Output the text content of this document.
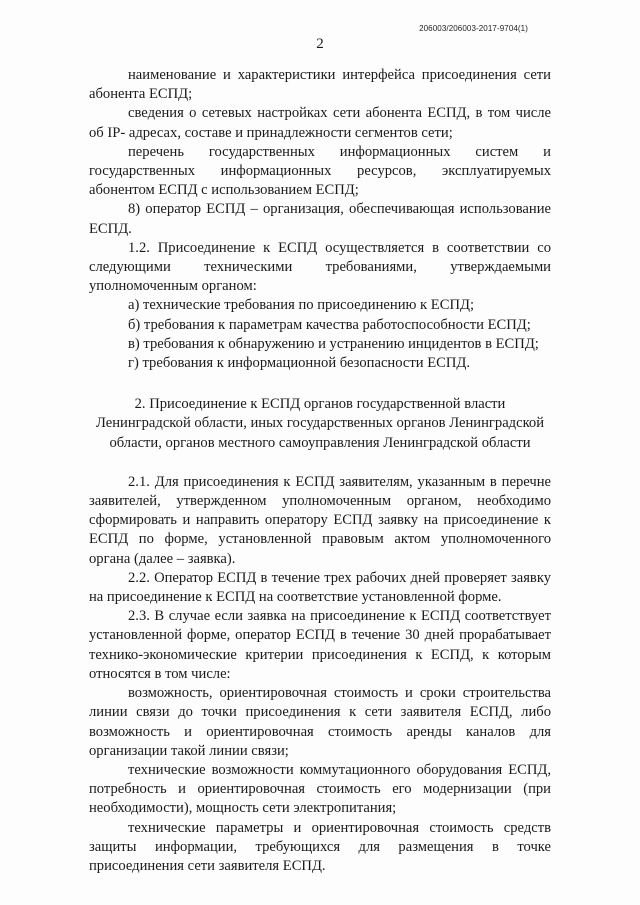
206003/206003-2017-9704(1)
2

наименование и характеристики интерфейса присоединения сети абонента ЕСПД;

сведения о сетевых настройках сети абонента ЕСПД, в том числе об IP- адресах, составе и принадлежности сегментов сети;

перечень государственных информационных систем и государственных информационных ресурсов, эксплуатируемых абонентом ЕСПД с использованием ЕСПД;

8) оператор ЕСПД – организация, обеспечивающая использование ЕСПД.

1.2. Присоединение к ЕСПД осуществляется в соответствии со следующими техническими требованиями, утверждаемыми уполномоченным органом:

а) технические требования по присоединению к ЕСПД;

б) требования к параметрам качества работоспособности ЕСПД;

в) требования к обнаружению и устранению инцидентов в ЕСПД;

г) требования к информационной безопасности ЕСПД.

2. Присоединение к ЕСПД органов государственной власти Ленинградской области, иных государственных органов Ленинградской области, органов местного самоуправления Ленинградской области

2.1. Для присоединения к ЕСПД заявителям, указанным в перечне заявителей, утвержденном уполномоченным органом, необходимо сформировать и направить оператору ЕСПД заявку на присоединение к ЕСПД по форме, установленной правовым актом уполномоченного органа (далее – заявка).

2.2. Оператор ЕСПД в течение трех рабочих дней проверяет заявку на присоединение к ЕСПД на соответствие установленной форме.

2.3. В случае если заявка на присоединение к ЕСПД соответствует установленной форме, оператор ЕСПД в течение 30 дней прорабатывает технико-экономические критерии присоединения к ЕСПД, к которым относятся в том числе:

возможность, ориентировочная стоимость и сроки строительства линии связи до точки присоединения к сети заявителя ЕСПД, либо возможность и ориентировочная стоимость аренды каналов для организации такой линии связи;

технические возможности коммутационного оборудования ЕСПД, потребность и ориентировочная стоимость его модернизации (при необходимости), мощность сети электропитания;

технические параметры и ориентировочная стоимость средств защиты информации, требующихся для размещения в точке присоединения сети заявителя ЕСПД.
